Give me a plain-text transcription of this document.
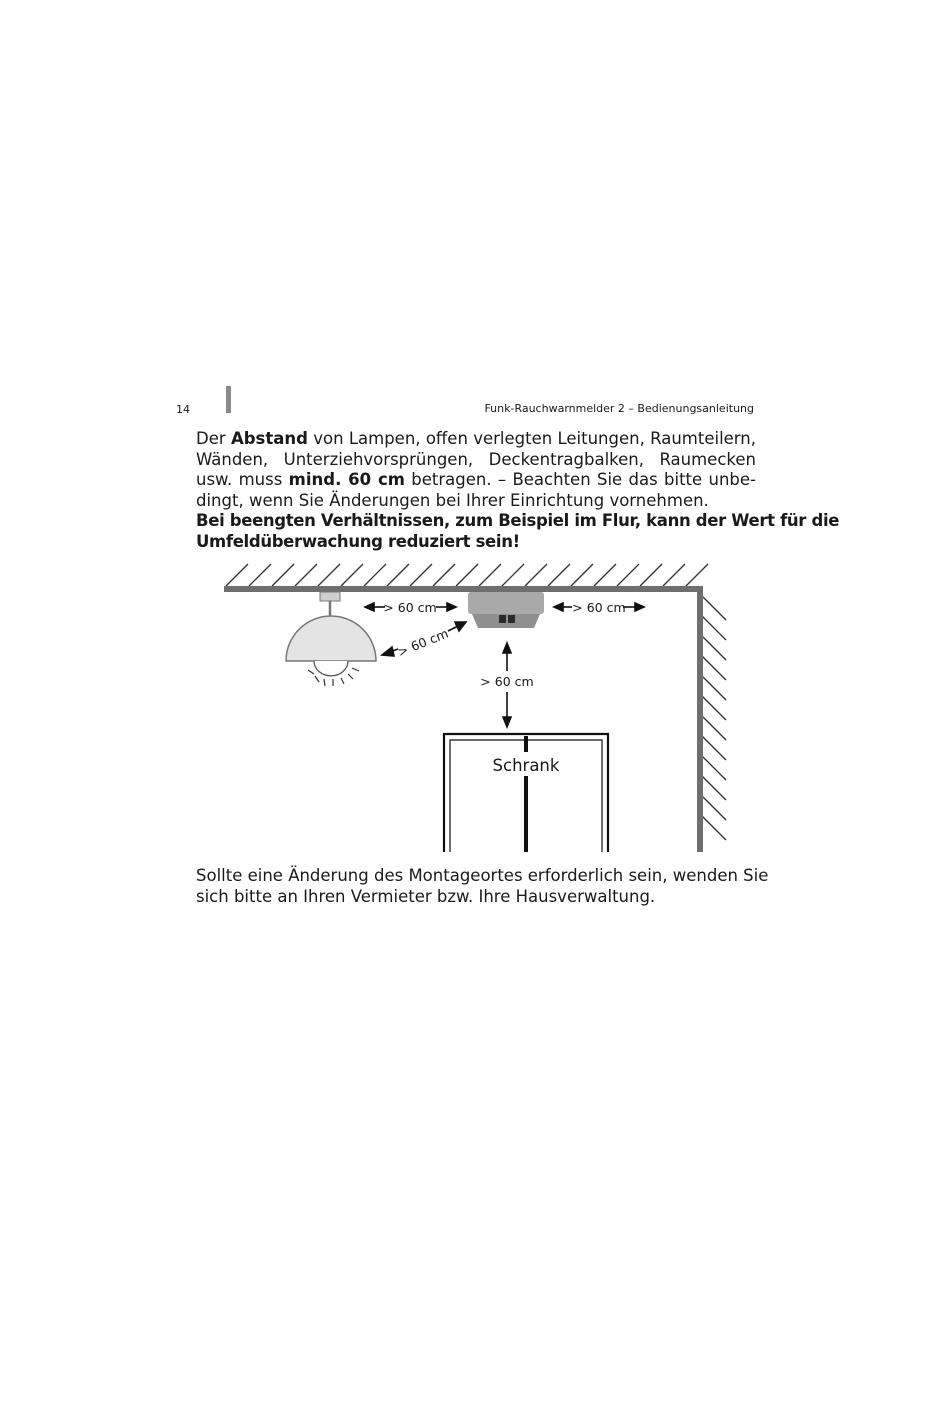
14	Funk-Rauchwarnmelder 2 – Bedienungsanleitung
Der Abstand von Lampen, offen verlegten Leitungen, Raumteilern,
Wänden, Unterziehvorsprüngen, Deckentragbalken, Raumecken
usw. muss mind. 60 cm betragen. – Beachten Sie das bitte unbe-
dingt, wenn Sie Änderungen bei Ihrer Einrichtung vornehmen.
Bei beengten Verhältnissen, zum Beispiel im Flur, kann der Wert für die
Umfeldüberwachung reduziert sein!
> 60 cm	> 60 cm
> 60 cm
> 60 cm
Schrank
Sollte eine Änderung des Montageortes erforderlich sein, wenden Sie
sich bitte an Ihren Vermieter bzw. Ihre Hausverwaltung.
